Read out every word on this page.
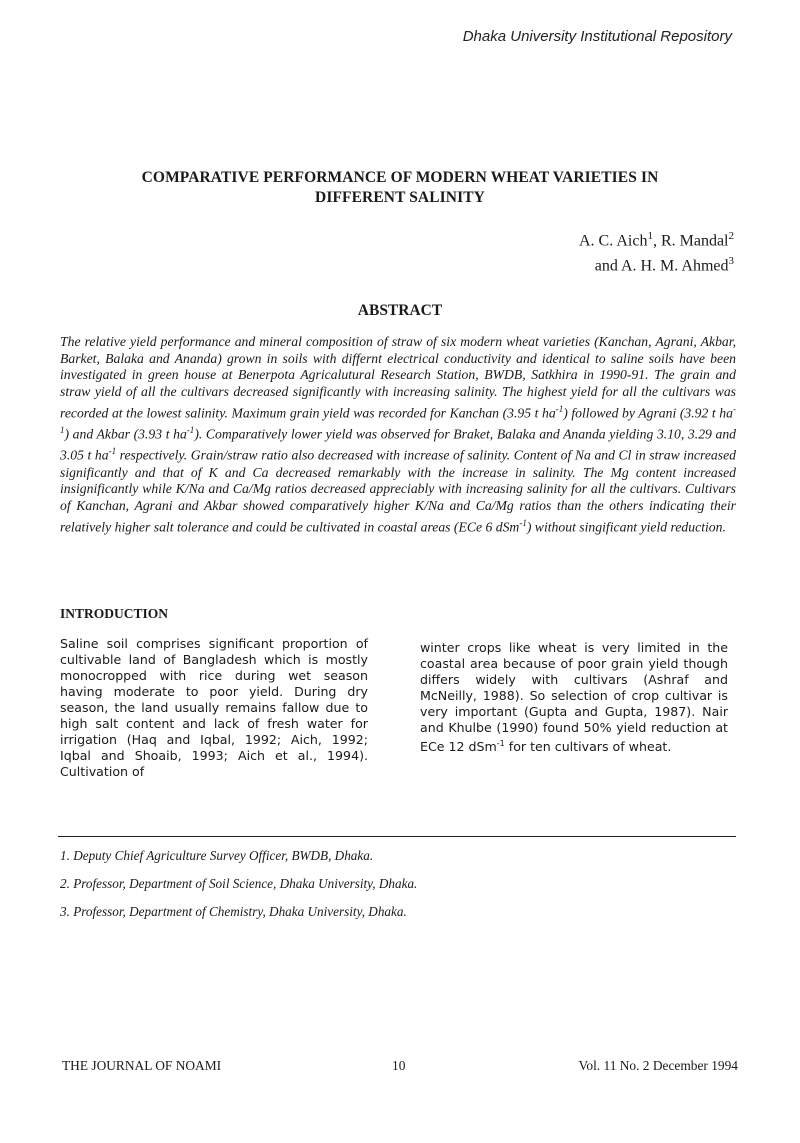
Dhaka University Institutional Repository
COMPARATIVE PERFORMANCE OF MODERN WHEAT VARIETIES IN
DIFFERENT SALINITY
A. C. Aich$^1$, R. Mandal$^2$
and A. H. M. Ahmed$^3$
ABSTRACT
The relative yield performance and mineral composition of straw of six modern wheat varieties (Kanchan, Agrani, Akbar, Barket, Balaka and Ananda) grown in soils with differnt electrical conductivity and identical to saline soils have been investigated in green house at Benerpota Agricalutural Research Station, BWDB, Satkhira in 1990-91. The grain and straw yield of all the cultivars decreased significantly with increasing salinity. The highest yield for all the cultivars was recorded at the lowest salinity. Maximum grain yield was recorded for Kanchan (3.95 t $ha^{-1}$) followed by Agrani (3.92 t $ha^{-1}$) and Akbar (3.93 t $ha^{-1}$). Comparatively lower yield was observed for Braket, Balaka and Ananda yielding 3.10, 3.29 and 3.05 t $ha^{-1}$ respectively. Grain/straw ratio also decreased with increase of salinity. Content of Na and Cl in straw increased significantly and that of K and Ca decreased remarkably with the increase in salinity. The Mg content increased insignificantly while K/Na and Ca/Mg ratios decreased appreciably with increasing salinity for all the cultivars. Cultivars of Kanchan, Agrani and Akbar showed comparatively higher K/Na and Ca/Mg ratios than the others indicating their relatively higher salt tolerance and could be cultivated in coastal areas (ECe 6 dSm$^{-1}$) without singificant yield reduction.
INTRODUCTION
Saline soil comprises significant proportion of cultivable land of Bangladesh which is mostly monocropped with rice during wet season having moderate to poor yield. During dry season, the land usually remains fallow due to high salt content and lack of fresh water for irrigation (Haq and Iqbal, 1992; Aich, 1992; Iqbal and Shoaib, 1993; Aich et al., 1994). Cultivation of
winter crops like wheat is very limited in the coastal area because of poor grain yield though differs widely with cultivars (Ashraf and McNeilly, 1988). So selection of crop cultivar is very important (Gupta and Gupta, 1987). Nair and Khulbe (1990) found 50% yield reduction at ECe 12 dSm$^{-1}$ for ten cultivars of wheat.
1. Deputy Chief Agriculture Survey Officer, BWDB, Dhaka.
2. Professor, Department of Soil Science, Dhaka University, Dhaka.
3. Professor, Department of Chemistry, Dhaka University, Dhaka.
THE JOURNAL OF NOAMI	10	Vol. 11 No. 2 December 1994
